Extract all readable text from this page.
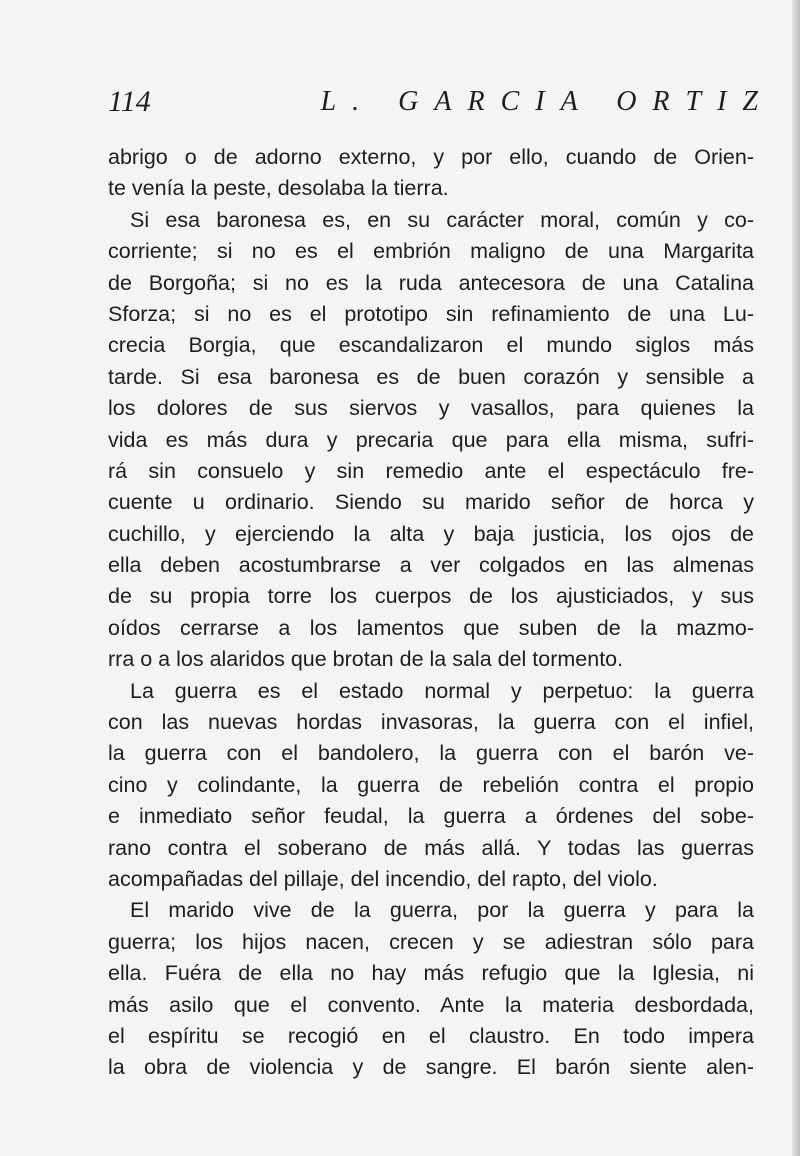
114	L. GARCIA ORTIZ
abrigo o de adorno externo, y por ello, cuando de Orien-
te venía la peste, desolaba la tierra.
Si esa baronesa es, en su carácter moral, común y co-
corriente; si no es el embrión maligno de una Margarita
de Borgoña; si no es la ruda antecesora de una Catalina
Sforza; si no es el prototipo sin refinamiento de una Lu-
crecia Borgia, que escandalizaron el mundo siglos más
tarde. Si esa baronesa es de buen corazón y sensible a
los dolores de sus siervos y vasallos, para quienes la
vida es más dura y precaria que para ella misma, sufri-
rá sin consuelo y sin remedio ante el espectáculo fre-
cuente u ordinario. Siendo su marido señor de horca y
cuchillo, y ejerciendo la alta y baja justicia, los ojos de
ella deben acostumbrarse a ver colgados en las almenas
de su propia torre los cuerpos de los ajusticiados, y sus
oídos cerrarse a los lamentos que suben de la mazmo-
rra o a los alaridos que brotan de la sala del tormento.
La guerra es el estado normal y perpetuo: la guerra
con las nuevas hordas invasoras, la guerra con el infiel,
la guerra con el bandolero, la guerra con el barón ve-
cino y colindante, la guerra de rebelión contra el propio
e inmediato señor feudal, la guerra a órdenes del sobe-
rano contra el soberano de más allá. Y todas las guerras
acompañadas del pillaje, del incendio, del rapto, del violo.
El marido vive de la guerra, por la guerra y para la
guerra; los hijos nacen, crecen y se adiestran sólo para
ella. Fuéra de ella no hay más refugio que la Iglesia, ni
más asilo que el convento. Ante la materia desbordada,
el espíritu se recogió en el claustro. En todo impera
la obra de violencia y de sangre. El barón siente alen-
